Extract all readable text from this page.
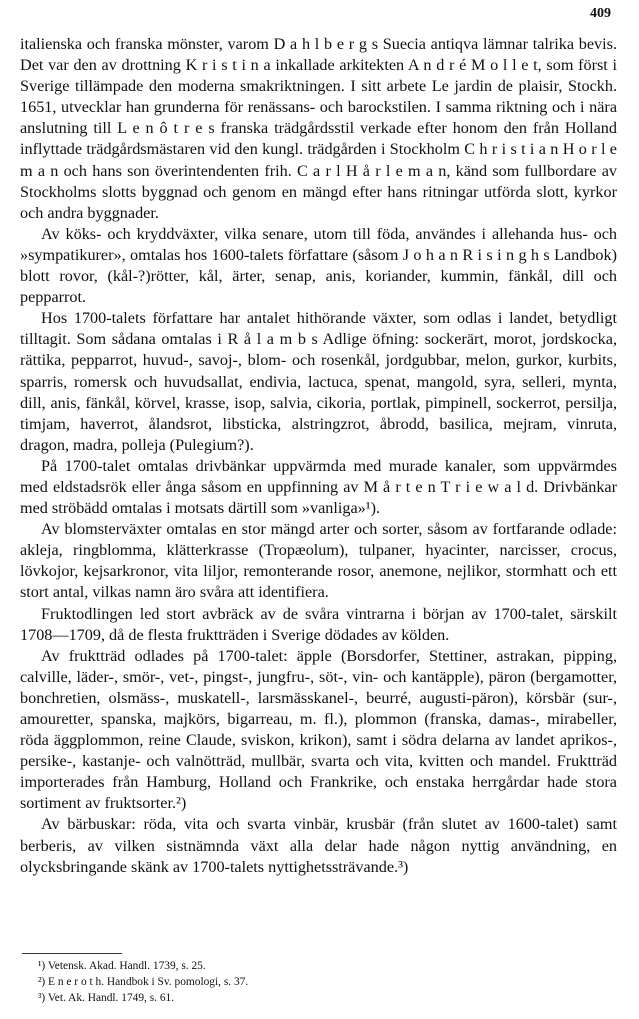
409

italienska och franska mönster, varom D a h l b e r g s Suecia antiqva lämnar talrika bevis. Det var den av drottning K r i s t i n a inkallade arkitekten A n d r é M o l l e t, som först i Sverige tillämpade den moderna smakriktningen. I sitt arbete Le jardin de plaisir, Stockh. 1651, utvecklar han grunderna för renässans- och barockstilen. I samma riktning och i nära anslutning till L e n ô t r e s franska trädgårdsstil verkade efter honom den från Holland inflyttade trädgårdsmästaren vid den kungl. trädgården i Stockholm C h r i s t i a n H o r l e m a n och hans son överintendenten frih. C a r l H å r l e m a n, känd som fullbordare av Stockholms slotts byggnad och genom en mängd efter hans ritningar utförda slott, kyrkor och andra byggnader.

Av köks- och kryddväxter, vilka senare, utom till föda, användes i allehanda hus- och »sympatikurer», omtalas hos 1600-talets författare (såsom J o h a n R i s i n g h s Landbok) blott rovor, (kål-?)rötter, kål, ärter, senap, anis, koriander, kummin, fänkål, dill och pepparrot.

Hos 1700-talets författare har antalet hithörande växter, som odlas i landet, betydligt tilltagit. Som sådana omtalas i R å l a m b s Adlige öfning: sockerärt, morot, jordskocka, rättika, pepparrot, huvud-, savoj-, blom- och rosenkål, jordgubbar, melon, gurkor, kurbits, sparris, romersk och huvudsallat, endivia, lactuca, spenat, mangold, syra, selleri, mynta, dill, anis, fänkål, körvel, krasse, isop, salvia, cikoria, portlak, pimpinell, sockerrot, persilja, timjam, haverrot, ålandsrot, libsticka, alstringzrot, åbrodd, basilica, mejram, vinruta, dragon, madra, polleja (Pulegium?).

På 1700-talet omtalas drivbänkar uppvärmda med murade kanaler, som uppvärmdes med eldstadsrök eller ånga såsom en uppfinning av M å r t e n T r i e w a l d. Drivbänkar med ströbädd omtalas i motsats därtill som »vanliga»¹).

Av blomsterväxter omtalas en stor mängd arter och sorter, såsom av fortfarande odlade: akleja, ringblomma, klätterkrasse (Tropæolum), tulpaner, hyacinter, narcisser, crocus, lövkojor, kejsarkronor, vita liljor, remonterande rosor, anemone, nejlikor, stormhatt och ett stort antal, vilkas namn äro svåra att identifiera.

Fruktodlingen led stort avbräck av de svåra vintrarna i början av 1700-talet, särskilt 1708—1709, då de flesta fruktträden i Sverige dödades av kölden.

Av fruktträd odlades på 1700-talet: äpple (Borsdorfer, Stettiner, astrakan, pipping, calville, läder-, smör-, vet-, pingst-, jungfru-, söt-, vin- och kantäpple), päron (bergamotter, bonchretien, olsmäss-, muskatell-, larsmässkanel-, beurré, augusti-päron), körsbär (sur-, amouretter, spanska, majkörs, bigarreau, m. fl.), plommon (franska, damas-, mirabeller, röda äggplommon, reine Claude, sviskon, krikon), samt i södra delarna av landet aprikos-, persike-, kastanje- och valnötträd, mullbär, svarta och vita, kvitten och mandel. Fruktträd importerades från Hamburg, Holland och Frankrike, och enstaka herrgårdar hade stora sortiment av fruktsorter.²)

Av bärbuskar: röda, vita och svarta vinbär, krusbär (från slutet av 1600-talet) samt berberis, av vilken sistnämnda växt alla delar hade någon nyttig användning, en olycksbringande skänk av 1700-talets nyttighetssträvande.³)

¹) Vetensk. Akad. Handl. 1739, s. 25.

²) E n e r o t h. Handbok i Sv. pomologi, s. 37.

³) Vet. Ak. Handl. 1749, s. 61.
